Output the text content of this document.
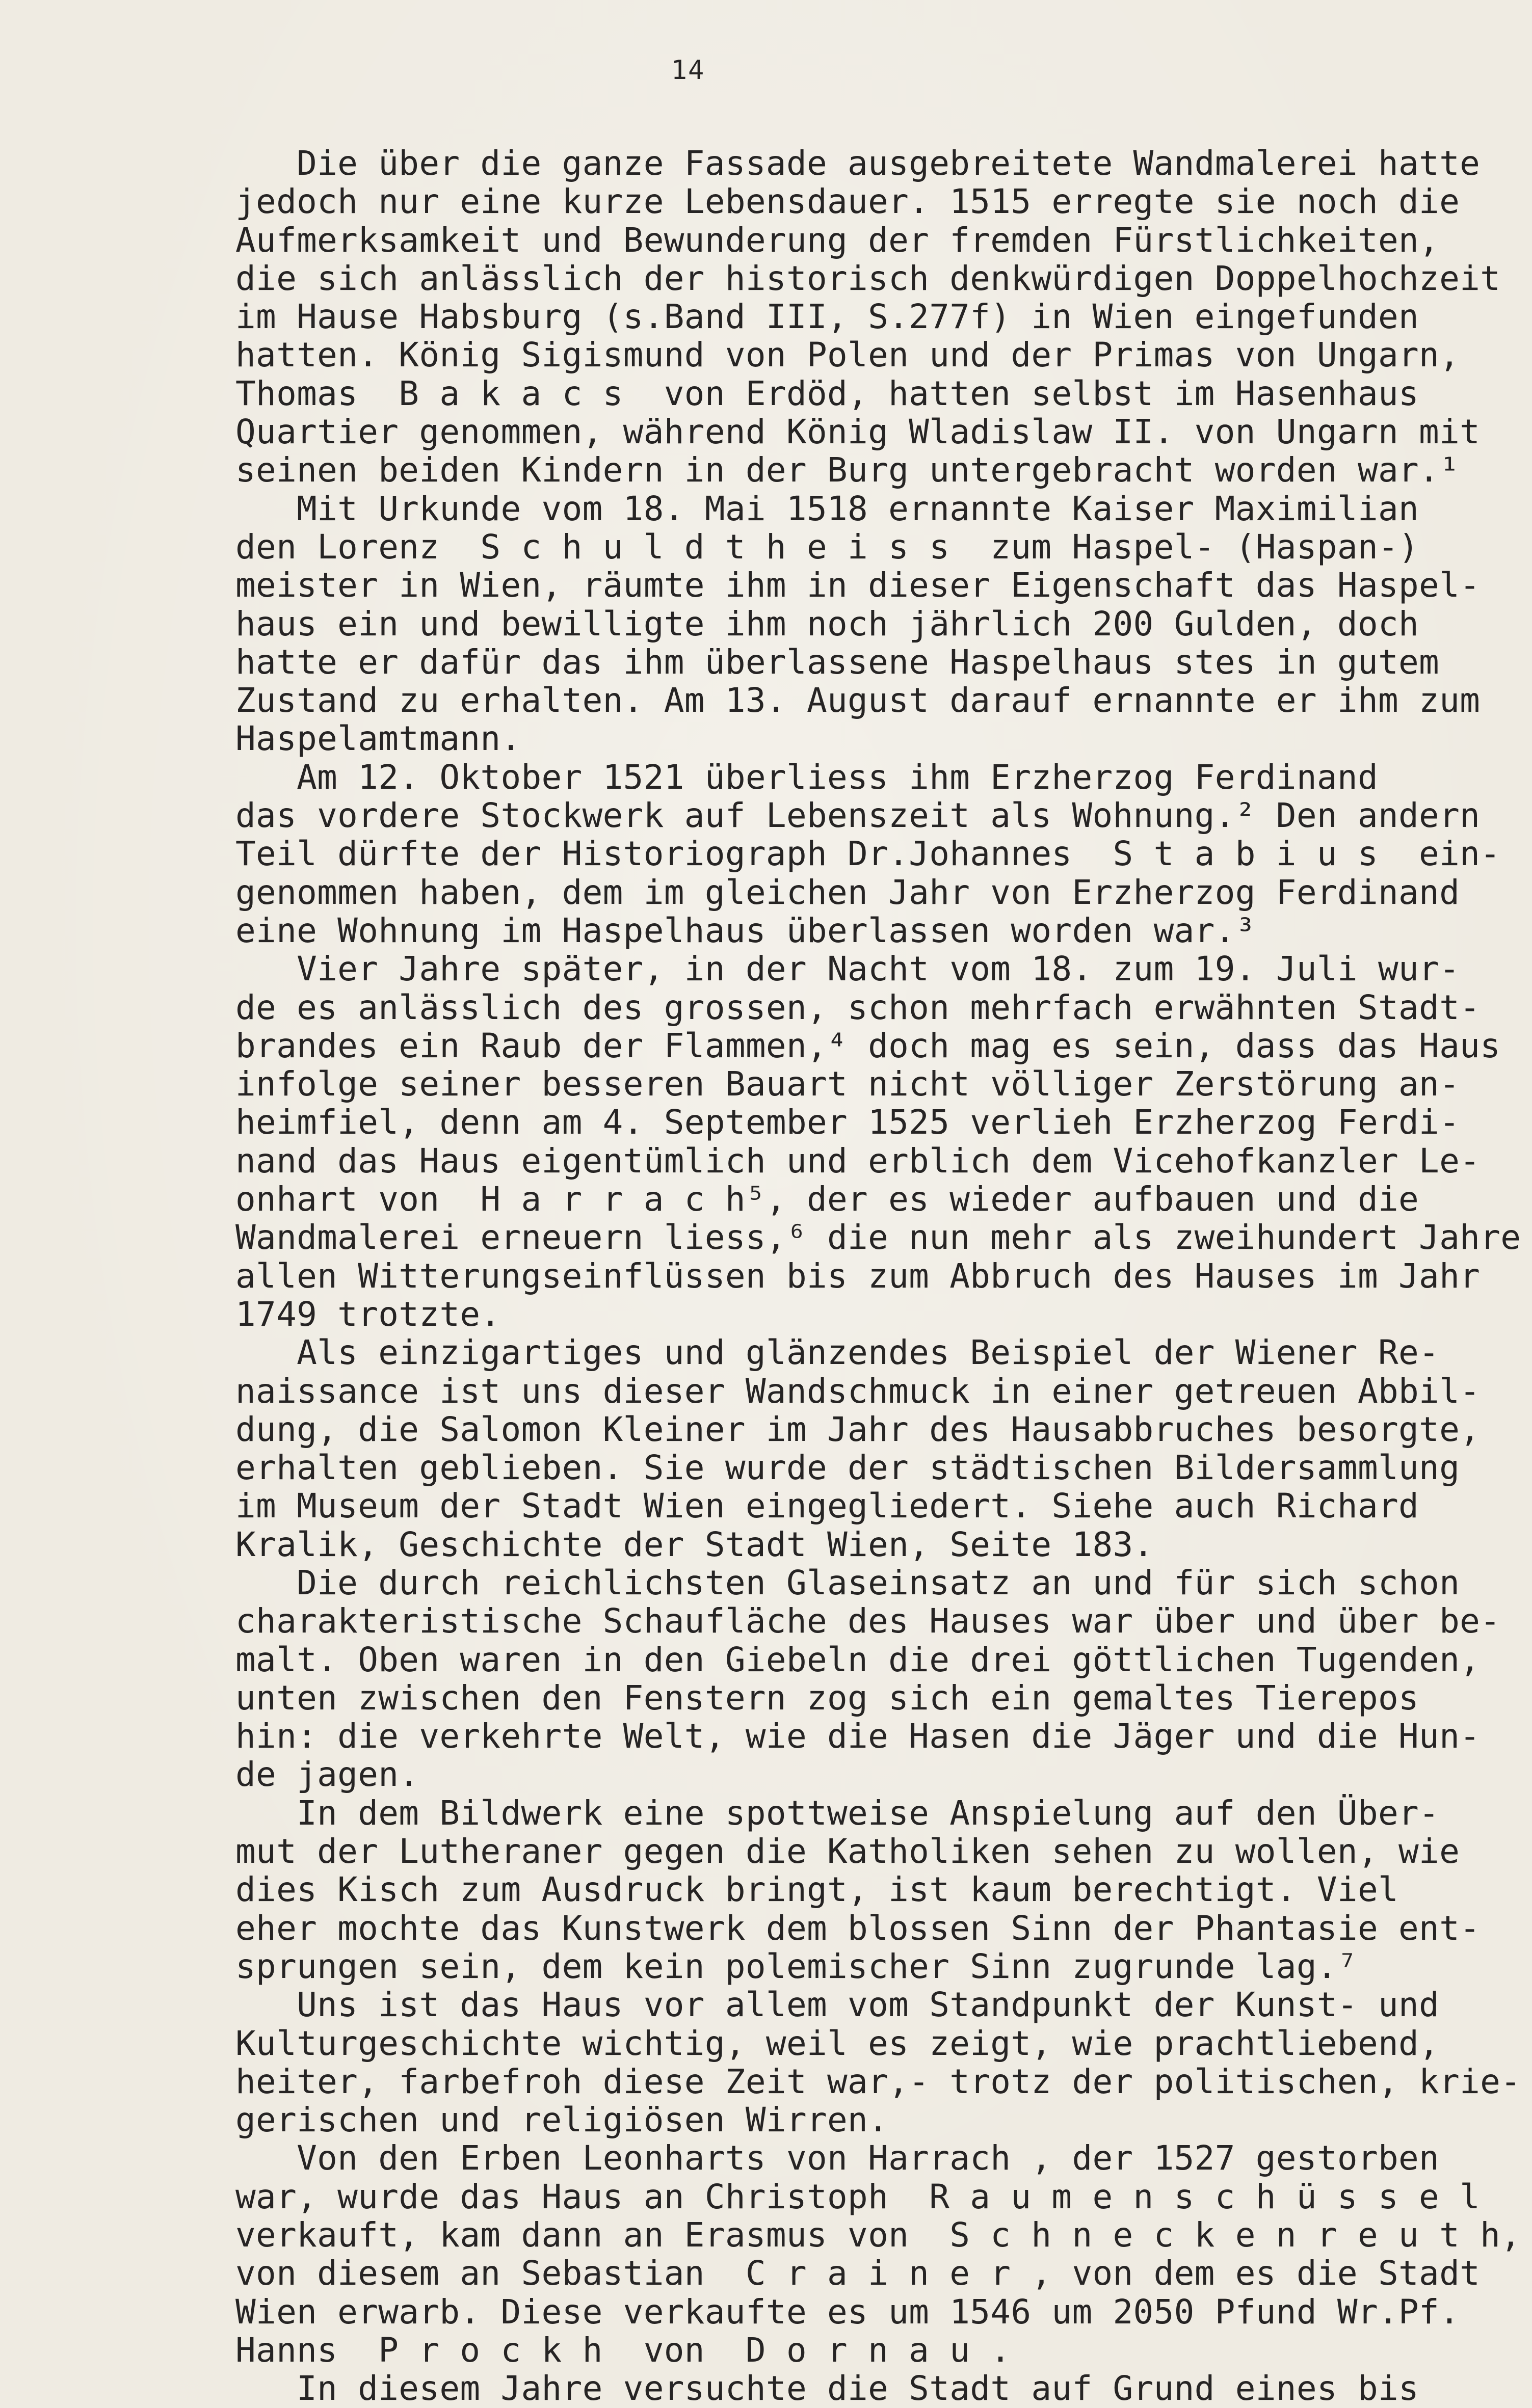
14
Die über die ganze Fassade ausgebreitete Wandmalerei hatte
jedoch nur eine kurze Lebensdauer. 1515 erregte sie noch die
Aufmerksamkeit und Bewunderung der fremden Fürstlichkeiten,
die sich anlässlich der historisch denkwürdigen Doppelhochzeit
im Hause Habsburg (s.Band III, S.277f) in Wien eingefunden
hatten. König Sigismund von Polen und der Primas von Ungarn,
Thomas  B a k a c s  von Erdöd, hatten selbst im Hasenhaus
Quartier genommen, während König Wladislaw II. von Ungarn mit
seinen beiden Kindern in der Burg untergebracht worden war.¹
Mit Urkunde vom 18. Mai 1518 ernannte Kaiser Maximilian
den Lorenz  S c h u l d t h e i s s  zum Haspel- (Haspan-)
meister in Wien, räumte ihm in dieser Eigenschaft das Haspel-
haus ein und bewilligte ihm noch jährlich 200 Gulden, doch
hatte er dafür das ihm überlassene Haspelhaus stes in gutem
Zustand zu erhalten. Am 13. August darauf ernannte er ihm zum
Haspelamtmann.
Am 12. Oktober 1521 überliess ihm Erzherzog Ferdinand
das vordere Stockwerk auf Lebenszeit als Wohnung.² Den andern
Teil dürfte der Historiograph Dr.Johannes  S t a b i u s  ein-
genommen haben, dem im gleichen Jahr von Erzherzog Ferdinand
eine Wohnung im Haspelhaus überlassen worden war.³
Vier Jahre später, in der Nacht vom 18. zum 19. Juli wur-
de es anlässlich des grossen, schon mehrfach erwähnten Stadt-
brandes ein Raub der Flammen,⁴ doch mag es sein, dass das Haus
infolge seiner besseren Bauart nicht völliger Zerstörung an-
heimfiel, denn am 4. September 1525 verlieh Erzherzog Ferdi-
nand das Haus eigentümlich und erblich dem Vicehofkanzler Le-
onhart von  H a r r a c h⁵, der es wieder aufbauen und die
Wandmalerei erneuern liess,⁶ die nun mehr als zweihundert Jahre
allen Witterungseinflüssen bis zum Abbruch des Hauses im Jahr
1749 trotzte.
Als einzigartiges und glänzendes Beispiel der Wiener Re-
naissance ist uns dieser Wandschmuck in einer getreuen Abbil-
dung, die Salomon Kleiner im Jahr des Hausabbruches besorgte,
erhalten geblieben. Sie wurde der städtischen Bildersammlung
im Museum der Stadt Wien eingegliedert. Siehe auch Richard
Kralik, Geschichte der Stadt Wien, Seite 183.
Die durch reichlichsten Glaseinsatz an und für sich schon
charakteristische Schaufläche des Hauses war über und über be-
malt. Oben waren in den Giebeln die drei göttlichen Tugenden,
unten zwischen den Fenstern zog sich ein gemaltes Tierepos
hin: die verkehrte Welt, wie die Hasen die Jäger und die Hun-
de jagen.
In dem Bildwerk eine spottweise Anspielung auf den Über-
mut der Lutheraner gegen die Katholiken sehen zu wollen, wie
dies Kisch zum Ausdruck bringt, ist kaum berechtigt. Viel
eher mochte das Kunstwerk dem blossen Sinn der Phantasie ent-
sprungen sein, dem kein polemischer Sinn zugrunde lag.⁷
Uns ist das Haus vor allem vom Standpunkt der Kunst- und
Kulturgeschichte wichtig, weil es zeigt, wie prachtliebend,
heiter, farbefroh diese Zeit war,- trotz der politischen, krie-
gerischen und religiösen Wirren.
Von den Erben Leonharts von Harrach , der 1527 gestorben
war, wurde das Haus an Christoph  R a u m e n s c h ü s s e l
verkauft, kam dann an Erasmus von  S c h n e c k e n r e u t h,
von diesem an Sebastian  C r a i n e r , von dem es die Stadt
Wien erwarb. Diese verkaufte es um 1546 um 2050 Pfund Wr.Pf.
Hanns  P r o c k h  von  D o r n a u .
In diesem Jahre versuchte die Stadt auf Grund eines bis
